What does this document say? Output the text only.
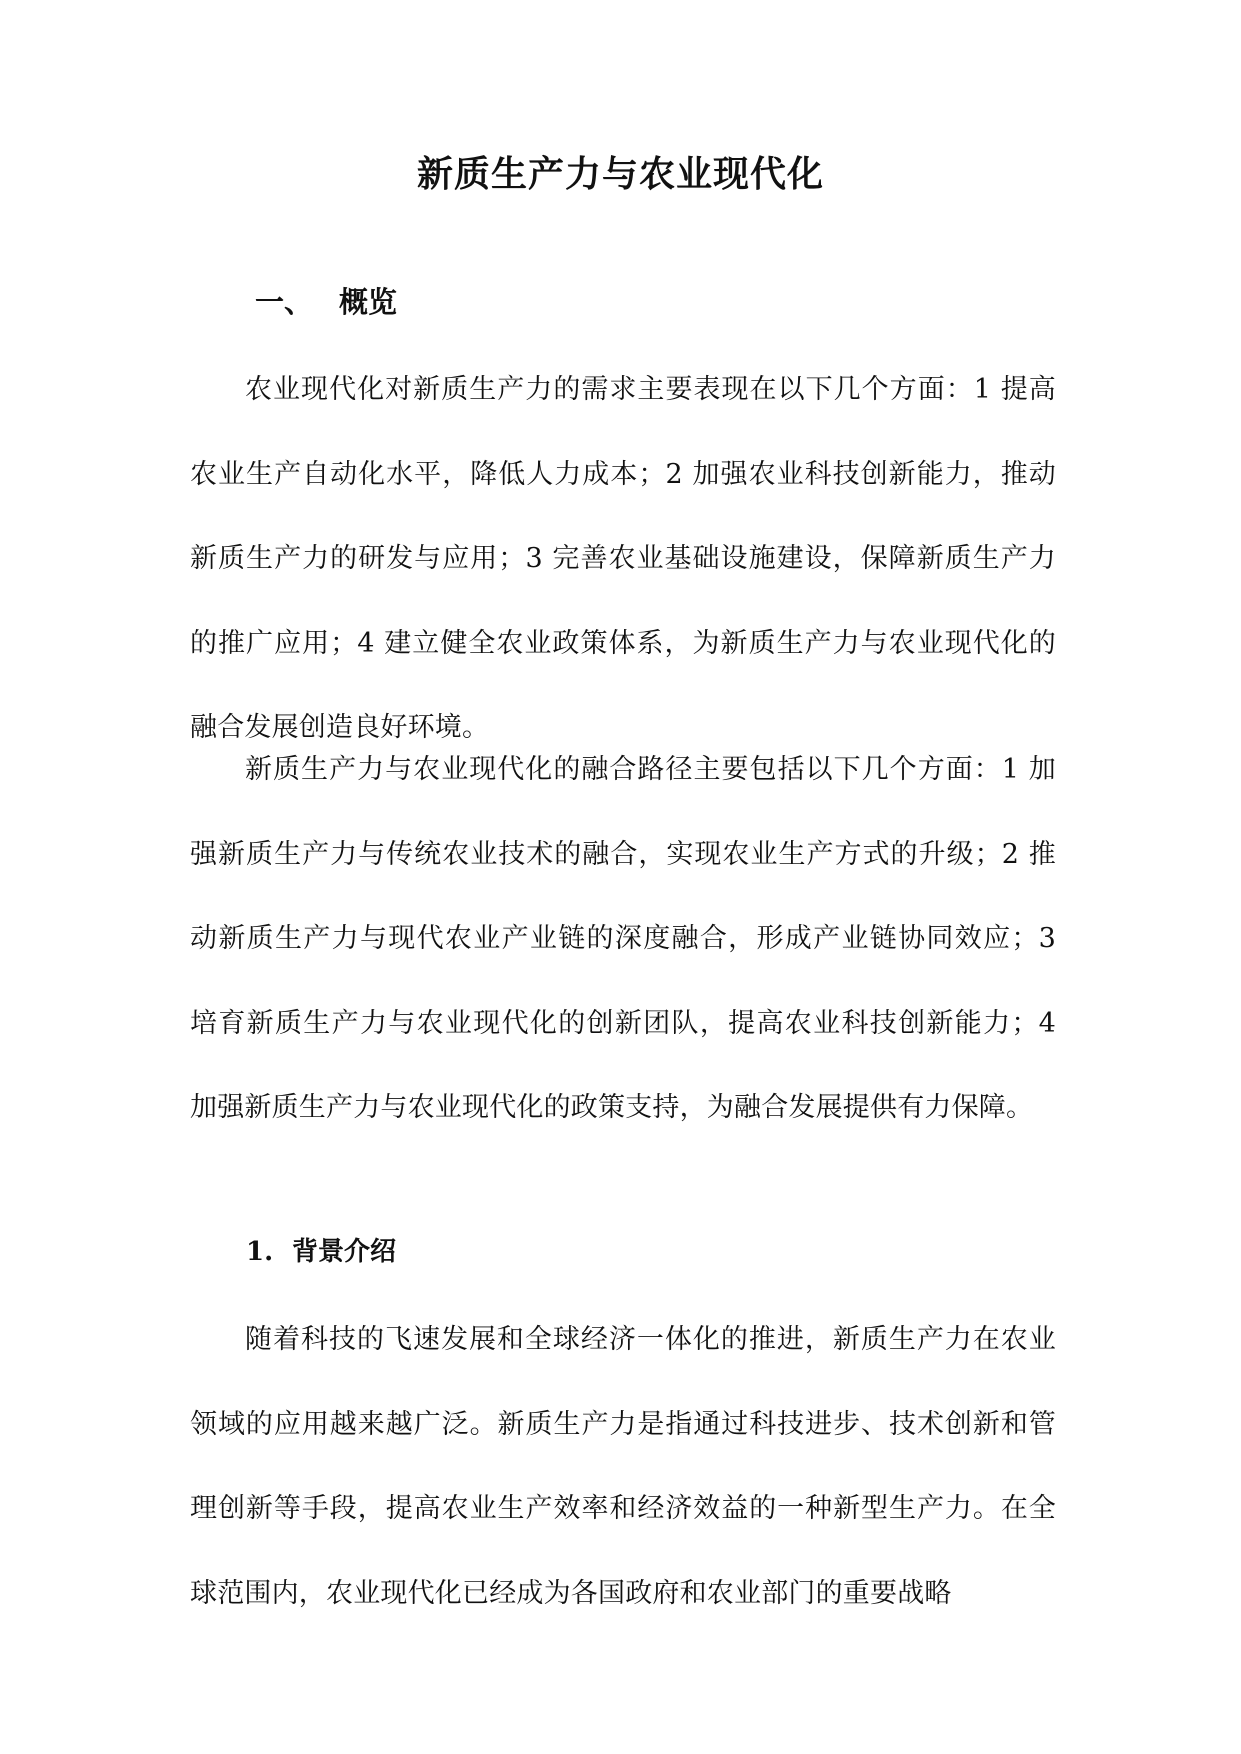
新质生产力与农业现代化
一、 概览

农业现代化对新质生产力的需求主要表现在以下几个方面：1 提高农业生产自动化水平，降低人力成本；2 加强农业科技创新能力，推动新质生产力的研发与应用；3 完善农业基础设施建设，保障新质生产力的推广应用；4 建立健全农业政策体系，为新质生产力与农业现代化的融合发展创造良好环境。

新质生产力与农业现代化的融合路径主要包括以下几个方面：1 加强新质生产力与传统农业技术的融合，实现农业生产方式的升级；2 推动新质生产力与现代农业产业链的深度融合，形成产业链协同效应；3 培育新质生产力与农业现代化的创新团队，提高农业科技创新能力；4 加强新质生产力与农业现代化的政策支持，为融合发展提供有力保障。

1. 背景介绍

随着科技的飞速发展和全球经济一体化的推进，新质生产力在农业领域的应用越来越广泛。新质生产力是指通过科技进步、技术创新和管理创新等手段，提高农业生产效率和经济效益的一种新型生产力。在全球范围内，农业现代化已经成为各国政府和农业部门的重要战略
